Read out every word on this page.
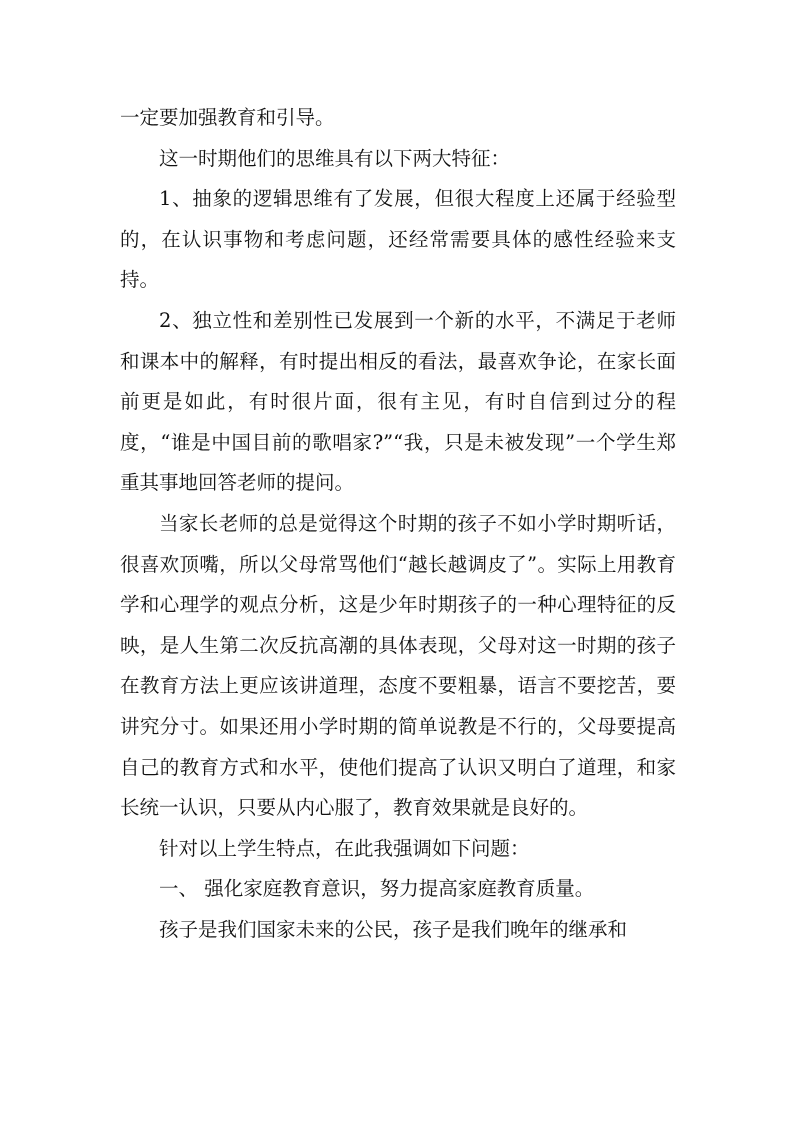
一定要加强教育和引导。

这一时期他们的思维具有以下两大特征：

1、抽象的逻辑思维有了发展，但很大程度上还属于经验型的，在认识事物和考虑问题，还经常需要具体的感性经验来支持。

2、独立性和差别性已发展到一个新的水平，不满足于老师和课本中的解释，有时提出相反的看法，最喜欢争论，在家长面前更是如此，有时很片面，很有主见，有时自信到过分的程度，“谁是中国目前的歌唱家?”“我，只是未被发现”一个学生郑重其事地回答老师的提问。

当家长老师的总是觉得这个时期的孩子不如小学时期听话，很喜欢顶嘴，所以父母常骂他们“越长越调皮了”。实际上用教育学和心理学的观点分析，这是少年时期孩子的一种心理特征的反映，是人生第二次反抗高潮的具体表现，父母对这一时期的孩子在教育方法上更应该讲道理，态度不要粗暴，语言不要挖苦，要讲究分寸。如果还用小学时期的简单说教是不行的，父母要提高自己的教育方式和水平，使他们提高了认识又明白了道理，和家长统一认识，只要从内心服了，教育效果就是良好的。

针对以上学生特点，在此我强调如下问题：

一、 强化家庭教育意识，努力提高家庭教育质量。

孩子是我们国家未来的公民，孩子是我们晚年的继承和
